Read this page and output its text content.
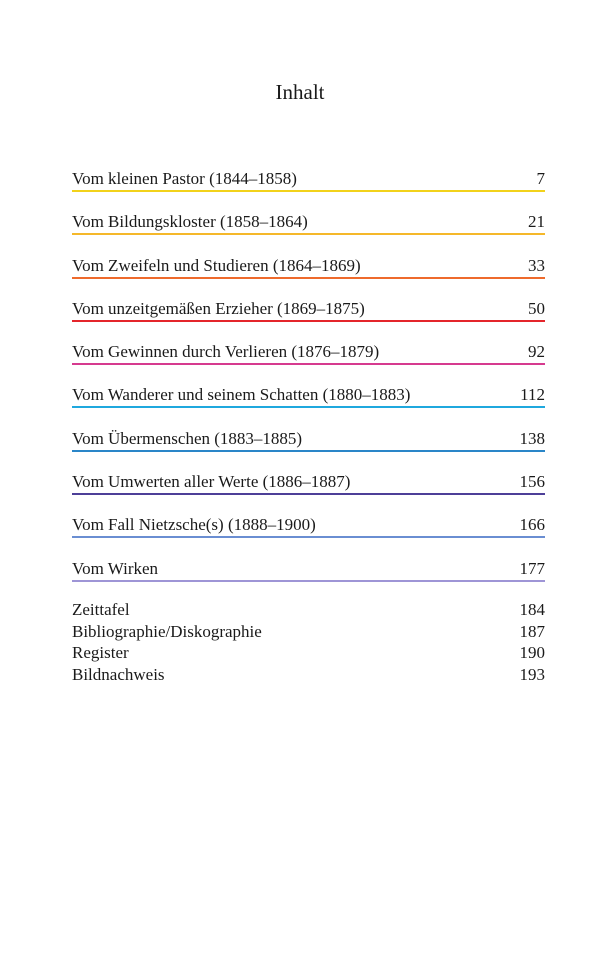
Inhalt
Vom kleinen Pastor (1844–1858)	7
Vom Bildungskloster (1858–1864)	21
Vom Zweifeln und Studieren (1864–1869)	33
Vom unzeitgemäßen Erzieher (1869–1875)	50
Vom Gewinnen durch Verlieren (1876–1879)	92
Vom Wanderer und seinem Schatten (1880–1883)	112
Vom Übermenschen (1883–1885)	138
Vom Umwerten aller Werte (1886–1887)	156
Vom Fall Nietzsche(s) (1888–1900)	166
Vom Wirken	177
Zeittafel	184
Bibliographie/Diskographie	187
Register	190
Bildnachweis	193
